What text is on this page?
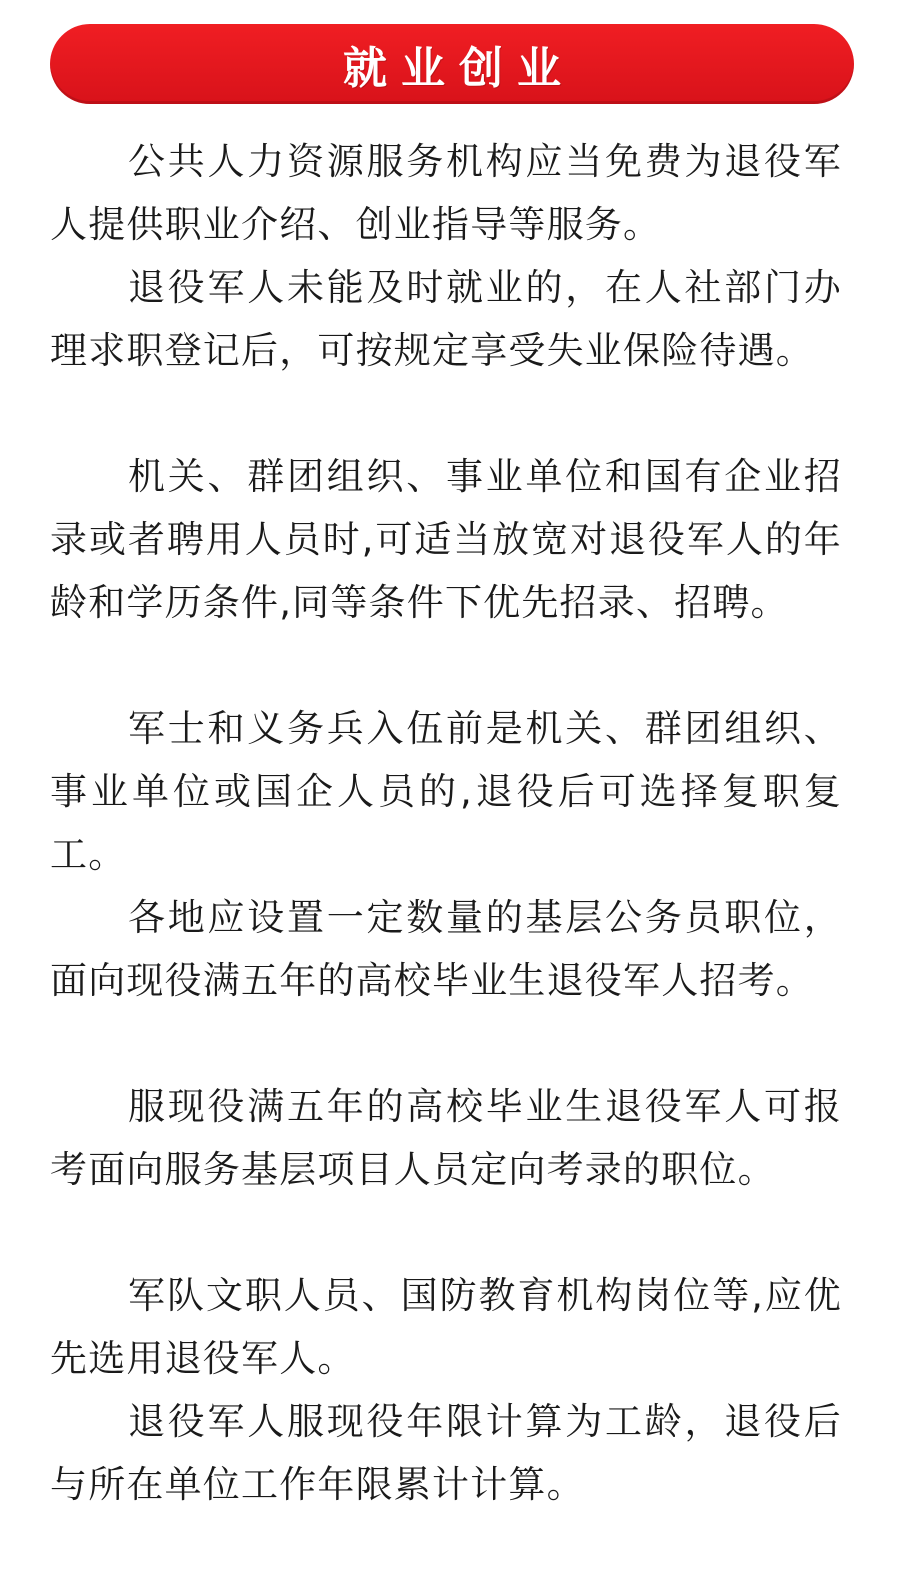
就业创业

公共人力资源服务机构应当免费为退役军人提供职业介绍、创业指导等服务。

退役军人未能及时就业的，在人社部门办理求职登记后，可按规定享受失业保险待遇。

机关、群团组织、事业单位和国有企业招录或者聘用人员时,可适当放宽对退役军人的年龄和学历条件,同等条件下优先招录、招聘。

军士和义务兵入伍前是机关、群团组织、事业单位或国企人员的,退役后可选择复职复工。

各地应设置一定数量的基层公务员职位，面向现役满五年的高校毕业生退役军人招考。

服现役满五年的高校毕业生退役军人可报考面向服务基层项目人员定向考录的职位。

军队文职人员、国防教育机构岗位等,应优先选用退役军人。

退役军人服现役年限计算为工龄，退役后与所在单位工作年限累计计算。
